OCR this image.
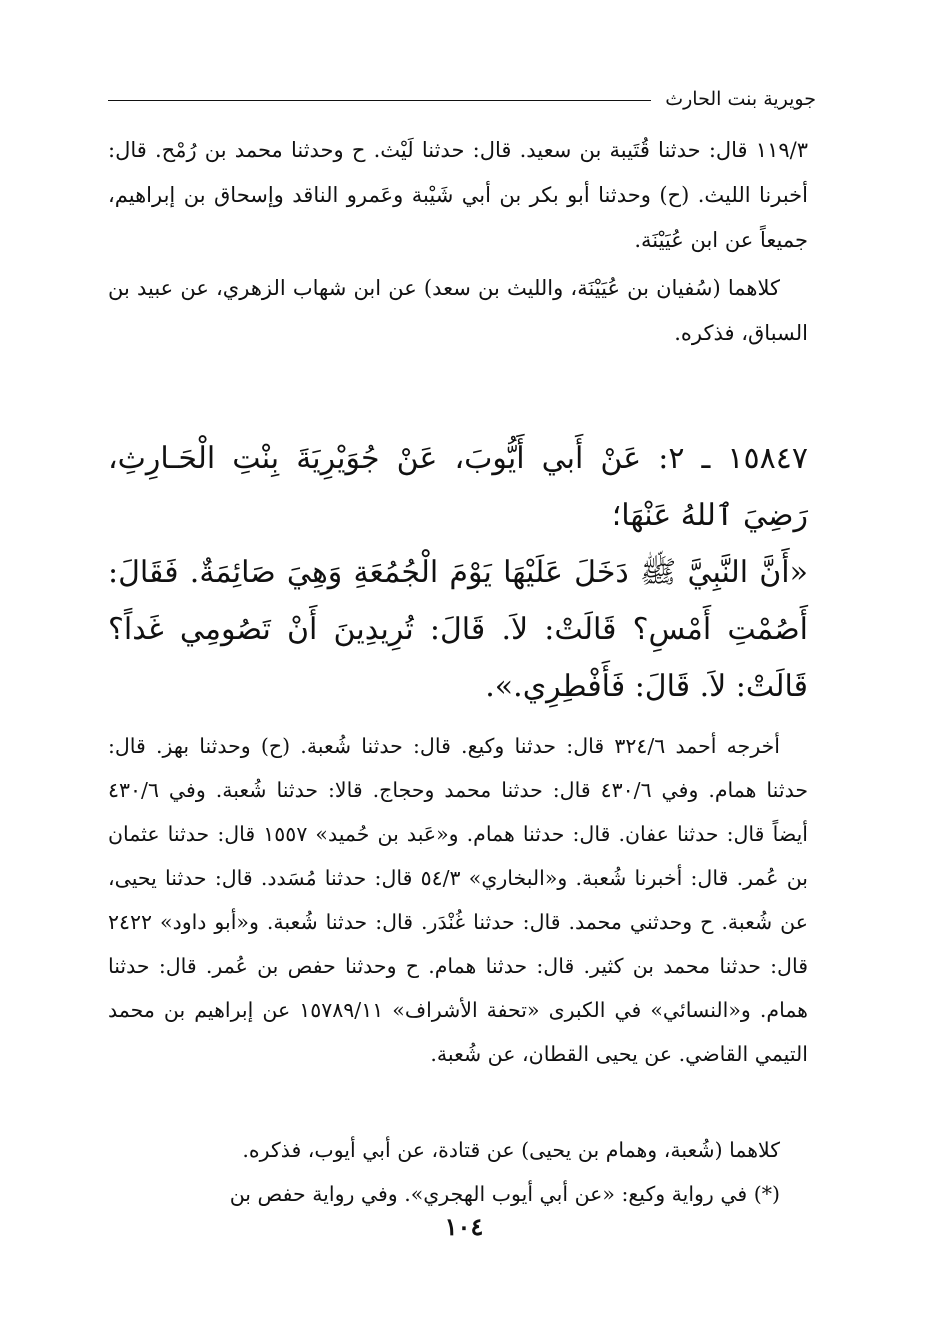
جويرية بنت الحارث

١١٩/٣ قال: حدثنا قُتَيبة بن سعيد. قال: حدثنا لَيْث. ح وحدثنا محمد بن رُمْح. قال: أخبرنا الليث. (ح) وحدثنا أبو بكر بن أبي شَيْبة وعَمرو الناقد وإسحاق بن إبراهيم، جميعاً عن ابن عُيَيْنَة.

كلاهما (سُفيان بن عُيَيْنَة، والليث بن سعد) عن ابن شهاب الزهري، عن عبيد بن السباق، فذكره.

١٥٨٤٧ ـ ٢: عَنْ أَبي أَيُّوبَ، عَنْ جُوَيْرِيَةَ بِنْتِ الْحَـارِثِ، رَضِيَ ٱللهُ عَنْهَا؛

«أَنَّ النَّبِيَّ ﷺ دَخَلَ عَلَيْهَا يَوْمَ الْجُمُعَةِ وَهِيَ صَائِمَةٌ. فَقَالَ: أَصُمْتِ أَمْسِ؟ قَالَتْ: لاَ. قَالَ: تُرِيدِينَ أَنْ تَصُومِي غَداً؟ قَالَتْ: لاَ. قَالَ: فَأَفْطِرِي.».

أخرجه أحمد ٣٢٤/٦ قال: حدثنا وكيع. قال: حدثنا شُعبة. (ح) وحدثنا بهز. قال: حدثنا همام. وفي ٤٣٠/٦ قال: حدثنا محمد وحجاج. قالا: حدثنا شُعبة. وفي ٤٣٠/٦ أيضاً قال: حدثنا عفان. قال: حدثنا همام. و«عَبد بن حُميد» ١٥٥٧ قال: حدثنا عثمان بن عُمر. قال: أخبرنا شُعبة. و«البخاري» ٥٤/٣ قال: حدثنا مُسَدد. قال: حدثنا يحيى، عن شُعبة. ح وحدثني محمد. قال: حدثنا غُنْدَر. قال: حدثنا شُعبة. و«أبو داود» ٢٤٢٢ قال: حدثنا محمد بن كثير. قال: حدثنا همام. ح وحدثنا حفص بن عُمر. قال: حدثنا همام. و«النسائي» في الكبرى «تحفة الأشراف» ١٥٧٨٩/١١ عن إبراهيم بن محمد التيمي القاضي. عن يحيى القطان، عن شُعبة.

كلاهما (شُعبة، وهمام بن يحيى) عن قتادة، عن أبي أيوب، فذكره.

(*) في رواية وكيع: «عن أبي أيوب الهجري». وفي رواية حفص بن

١٠٤
